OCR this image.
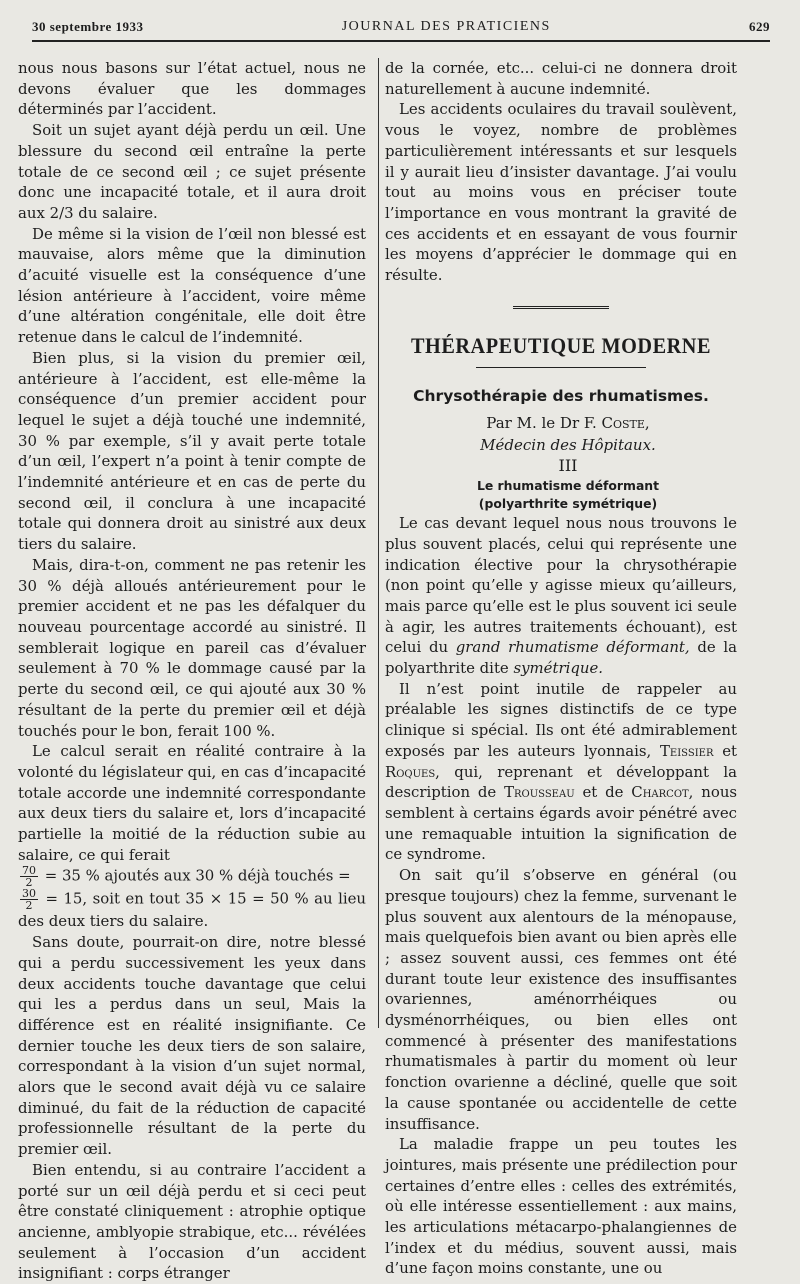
30 septembre 1933	JOURNAL DES PRATICIENS	629

nous nous basons sur l’état actuel, nous ne devons évaluer que les dommages déterminés par l’accident.

Soit un sujet ayant déjà perdu un œil. Une blessure du second œil entraîne la perte totale de ce second œil ; ce sujet présente donc une incapacité totale, et il aura droit aux 2/3 du salaire.

De même si la vision de l’œil non blessé est mauvaise, alors même que la diminution d’acuité visuelle est la conséquence d’une lésion antérieure à l’accident, voire même d’une altération congénitale, elle doit être retenue dans le calcul de l’indemnité.

Bien plus, si la vision du premier œil, antérieure à l’accident, est elle-même la conséquence d’un premier accident pour lequel le sujet a déjà touché une indemnité, 30 % par exemple, s’il y avait perte totale d’un œil, l’expert n’a point à tenir compte de l’indemnité antérieure et en cas de perte du second œil, il conclura à une incapacité totale qui donnera droit au sinistré aux deux tiers du salaire.

Mais, dira-t-on, comment ne pas retenir les 30 % déjà alloués antérieurement pour le premier accident et ne pas les défalquer du nouveau pourcentage accordé au sinistré. Il semblerait logique en pareil cas d’évaluer seulement à 70 % le dommage causé par la perte du second œil, ce qui ajouté aux 30 % résultant de la perte du premier œil et déjà touchés pour le bon, ferait 100 %.

Le calcul serait en réalité contraire à la volonté du législateur qui, en cas d’incapacité totale accorde une indemnité correspondante aux deux tiers du salaire et, lors d’incapacité partielle la moitié de la réduction subie au salaire, ce qui ferait

$\frac{70}{2} = 35$ % ajoutés aux 30 % déjà touchés =

$\frac{30}{2} = 15$, soit en tout 35 × 15 = 50 % au lieu des deux tiers du salaire.

Sans doute, pourrait-on dire, notre blessé qui a perdu successivement les yeux dans deux accidents touche davantage que celui qui les a perdus dans un seul, Mais la différence est en réalité insignifiante. Ce dernier touche les deux tiers de son salaire, correspondant à la vision d’un sujet normal, alors que le second avait déjà vu ce salaire diminué, du fait de la réduction de capacité professionnelle résultant de la perte du premier œil.

Bien entendu, si au contraire l’accident a porté sur un œil déjà perdu et si ceci peut être constaté cliniquement : atrophie optique ancienne, amblyopie strabique, etc... révélées seulement à l’occasion d’un accident insignifiant : corps étranger

de la cornée, etc... celui-ci ne donnera droit naturellement à aucune indemnité.

Les accidents oculaires du travail soulèvent, vous le voyez, nombre de problèmes particulièrement intéressants et sur lesquels il y aurait lieu d’insister davantage. J’ai voulu tout au moins vous en préciser toute l’importance en vous montrant la gravité de ces accidents et en essayant de vous fournir les moyens d’apprécier le dommage qui en résulte.

THÉRAPEUTIQUE MODERNE
Chrysothérapie des rhumatismes.

Par M. le Dr F. Coste,

Médecin des Hôpitaux.

III

Le rhumatisme déformant

(polyarthrite symétrique)

Le cas devant lequel nous nous trouvons le plus souvent placés, celui qui représente une indication élective pour la chrysothérapie (non point qu’elle y agisse mieux qu’ailleurs, mais parce qu’elle est le plus souvent ici seule à agir, les autres traitements échouant), est celui du grand rhumatisme déformant, de la polyarthrite dite symétrique.

Il n’est point inutile de rappeler au préalable les signes distinctifs de ce type clinique si spécial. Ils ont été admirablement exposés par les auteurs lyonnais, Teissier et Roques, qui, reprenant et développant la description de Trousseau et de Charcot, nous semblent à certains égards avoir pénétré avec une remaquable intuition la signification de ce syndrome.

On sait qu’il s’observe en général (ou presque toujours) chez la femme, survenant le plus souvent aux alentours de la ménopause, mais quelquefois bien avant ou bien après elle ; assez souvent aussi, ces femmes ont été durant toute leur existence des insuffisantes ovariennes, aménorrhéiques ou dysménorrhéiques, ou bien elles ont commencé à présenter des manifestations rhumatismales à partir du moment où leur fonction ovarienne a décliné, quelle que soit la cause spontanée ou accidentelle de cette insuffisance.

La maladie frappe un peu toutes les jointures, mais présente une prédilection pour certaines d’entre elles : celles des extrémités, où elle intéresse essentiellement : aux mains, les articulations métacarpo-phalangiennes de l’index et du médius, souvent aussi, mais d’une façon moins constante, une ou
